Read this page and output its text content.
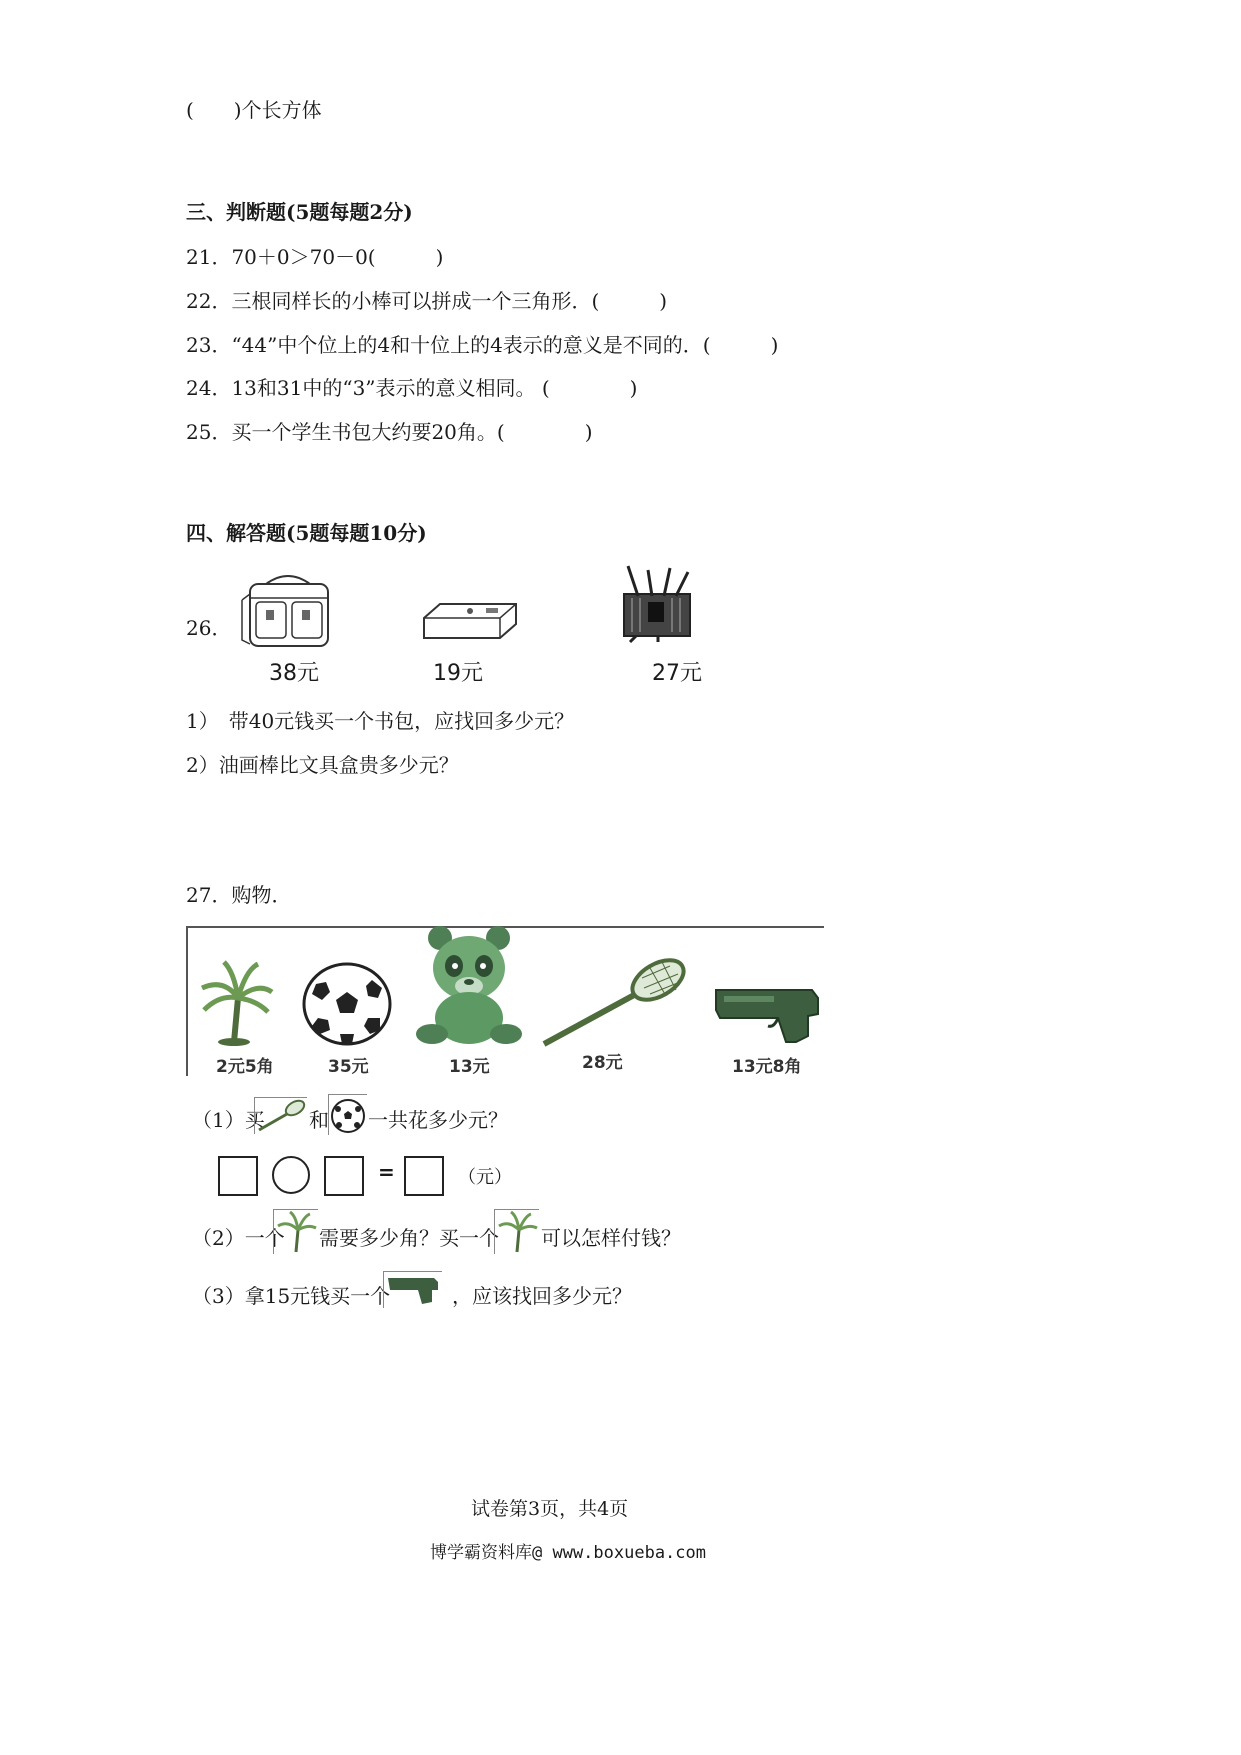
(　　)个长方体
三、判断题(5题每题2分)
21．70＋0＞70－0(　　　)
22．三根同样长的小棒可以拼成一个三角形．(　　　)
23．“44”中个位上的4和十位上的4表示的意义是不同的．(　　　)
24．13和31中的“3”表示的意义相同。 (　　　　)
25．买一个学生书包大约要20角。(　　　　)
四、解答题(5题每题10分)
26．
38元	19元	27元
1）　带40元钱买一个书包，应找回多少元？
2）油画棒比文具盒贵多少元？
27．购物．
2元5角	35元	13元	28元	13元8角
（1）买 和 一共花多少元？
=	（元）
（2）一个 需要多少角？买一个 可以怎样付钱？
（3）拿15元钱买一个	，应该找回多少元？
试卷第3页，共4页
博学霸资料库@ www.boxueba.com
